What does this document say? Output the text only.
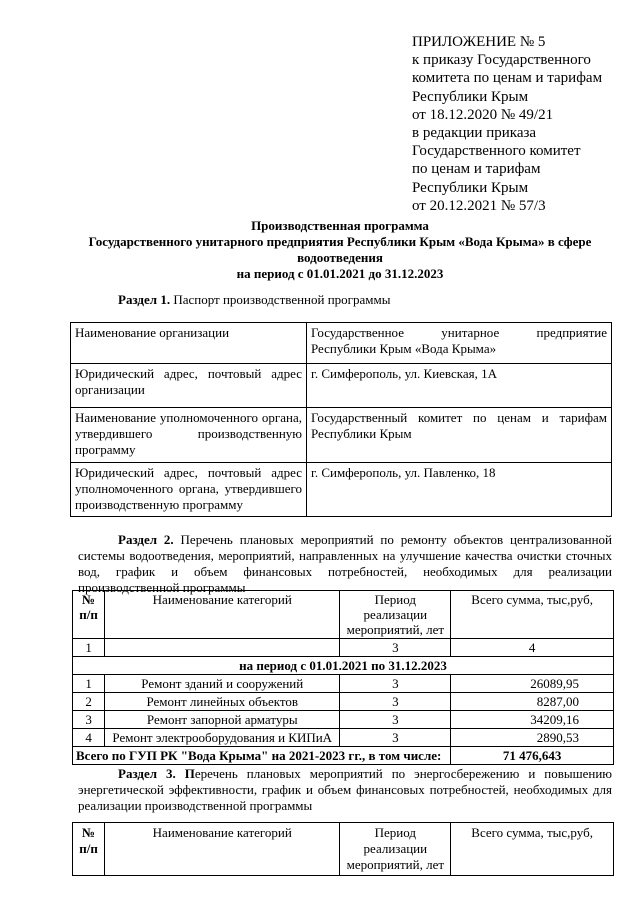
ПРИЛОЖЕНИЕ № 5
к приказу Государственного
комитета по ценам и тарифам
Республики Крым
от 18.12.2020 № 49/21
в редакции приказа
Государственного комитет
по ценам и тарифам
Республики Крым
от 20.12.2021 № 57/3
Производственная программа
Государственного унитарного предприятия Республики Крым «Вода Крыма» в сфере водоотведения
на период с 01.01.2021 до 31.12.2023
Раздел 1. Паспорт производственной программы
Наименование организации	Государственное унитарное предприятие Республики Крым «Вода Крыма»
Юридический адрес, почтовый адрес организации	г. Симферополь, ул. Киевская, 1А
Наименование уполномоченного органа, утвердившего производственную программу	Государственный комитет по ценам и тарифам Республики Крым
Юридический адрес, почтовый адрес уполномоченного органа, утвердившего производственную программу	г. Симферополь, ул. Павленко, 18
Раздел 2. Перечень плановых мероприятий по ремонту объектов централизованной системы водоотведения, мероприятий, направленных на улучшение качества очистки сточных вод, график и объем финансовых потребностей, необходимых для реализации производственной программы
№ п/п	Наименование категорий	Период реализации мероприятий, лет	Всего сумма, тыс,руб,
1		3	4
на период с 01.01.2021 по 31.12.2023			
1	Ремонт зданий и сооружений	3	26089,95
2	Ремонт линейных объектов	3	8287,00
3	Ремонт запорной арматуры	3	34209,16
4	Ремонт электрооборудования и КИПиА	3	2890,53
Всего по ГУП РК "Вода Крыма" на 2021-2023 гг., в том числе:			71 476,643
Раздел 3. Перечень плановых мероприятий по энергосбережению и повышению энергетической эффективности, график и объем финансовых потребностей, необходимых для реализации производственной программы
№ п/п	Наименование категорий	Период реализации мероприятий, лет	Всего сумма, тыс,руб,
